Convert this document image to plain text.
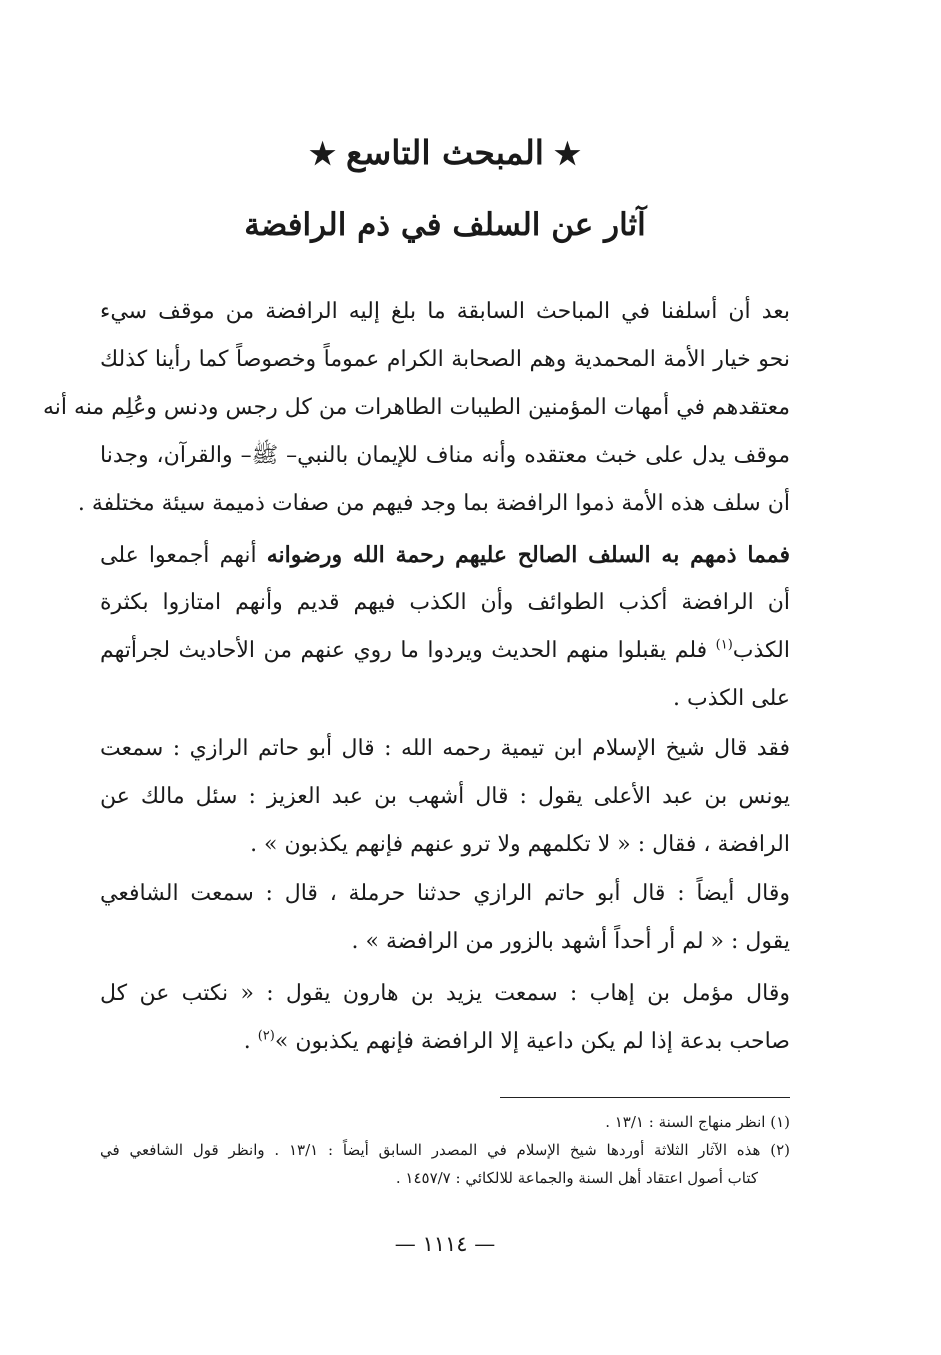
★المبحث التاسع★
آثار عن السلف في ذم الرافضة
بعد أن أسلفنا في المباحث السابقة ما بلغ إليه الرافضة من موقف سيء
نحو خيار الأمة المحمدية وهم الصحابة الكرام عموماً وخصوصاً كما رأينا كذلك
معتقدهم في أمهات المؤمنين الطيبات الطاهرات من كل رجس ودنس وعُلِم منه أنه
موقف يدل على خبث معتقده وأنه مناف للإيمان بالنبي– ﷺ– والقرآن، وجدنا
أن سلف هذه الأمة ذموا الرافضة بما وجد فيهم من صفات ذميمة سيئة مختلفة .
فمما ذمهم به السلف الصالح عليهم رحمة الله ورضوانه أنهم أجمعوا على
أن الرافضة أكذب الطوائف وأن الكذب فيهم قديم وأنهم امتازوا بكثرة
الكذب$^{(١)}$ فلم يقبلوا منهم الحديث ويردوا ما روي عنهم من الأحاديث لجرأتهم
على الكذب .
فقد قال شيخ الإسلام ابن تيمية رحمه الله : قال أبو حاتم الرازي : سمعت
يونس بن عبد الأعلى يقول : قال أشهب بن عبد العزيز : سئل مالك عن
الرافضة ، فقال : « لا تكلمهم ولا ترو عنهم فإنهم يكذبون » .
وقال أيضاً : قال أبو حاتم الرازي حدثنا حرملة ، قال : سمعت الشافعي
يقول : « لم أر أحداً أشهد بالزور من الرافضة » .
وقال مؤمل بن إهاب : سمعت يزيد بن هارون يقول : « نكتب عن كل
صاحب بدعة إذا لم يكن داعية إلا الرافضة فإنهم يكذبون »$^{(٢)}$ .
(١) انظر منهاج السنة : ١٣/١ .
(٢) هذه الآثار الثلاثة أوردها شيخ الإسلام في المصدر السابق أيضاً : ١٣/١ . وانظر قول الشافعي في
كتاب أصول اعتقاد أهل السنة والجماعة للالكائي : ١٤٥٧/٧ .
— ١١١٤ —
